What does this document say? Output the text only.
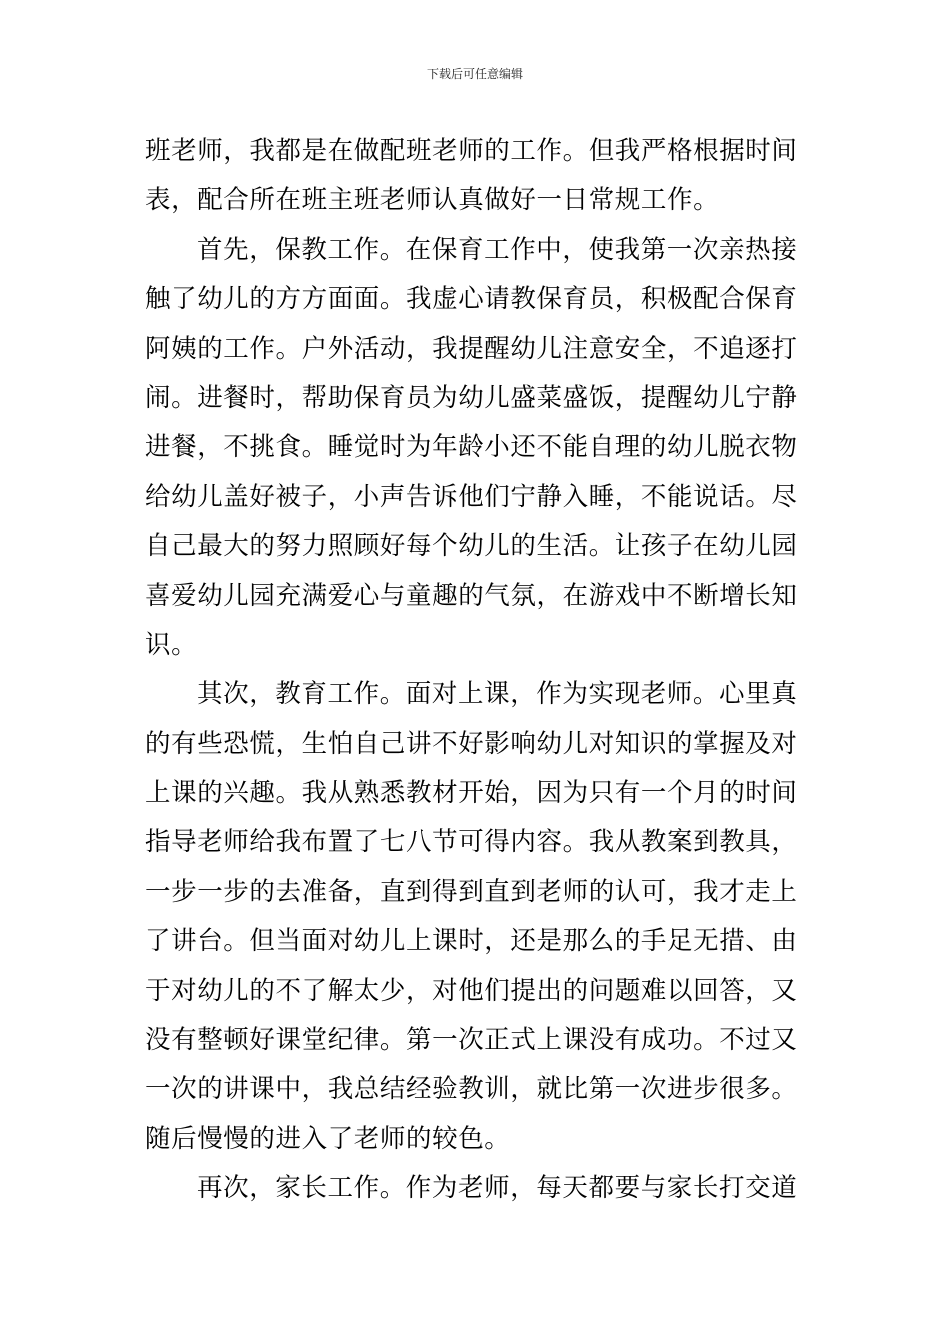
下载后可任意编辑
班老师，我都是在做配班老师的工作。但我严格根据时间
表，配合所在班主班老师认真做好一日常规工作。
首先，保教工作。在保育工作中，使我第一次亲热接
触了幼儿的方方面面。我虚心请教保育员，积极配合保育
阿姨的工作。户外活动，我提醒幼儿注意安全，不追逐打
闹。进餐时，帮助保育员为幼儿盛菜盛饭，提醒幼儿宁静
进餐，不挑食。睡觉时为年龄小还不能自理的幼儿脱衣物
给幼儿盖好被子，小声告诉他们宁静入睡，不能说话。尽
自己最大的努力照顾好每个幼儿的生活。让孩子在幼儿园
喜爱幼儿园充满爱心与童趣的气氛，在游戏中不断增长知
识。
其次，教育工作。面对上课，作为实现老师。心里真
的有些恐慌，生怕自己讲不好影响幼儿对知识的掌握及对
上课的兴趣。我从熟悉教材开始，因为只有一个月的时间
指导老师给我布置了七八节可得内容。我从教案到教具，
一步一步的去准备，直到得到直到老师的认可，我才走上
了讲台。但当面对幼儿上课时，还是那么的手足无措、由
于对幼儿的不了解太少，对他们提出的问题难以回答，又
没有整顿好课堂纪律。第一次正式上课没有成功。不过又
一次的讲课中，我总结经验教训，就比第一次进步很多。
随后慢慢的进入了老师的较色。
再次，家长工作。作为老师，每天都要与家长打交道
